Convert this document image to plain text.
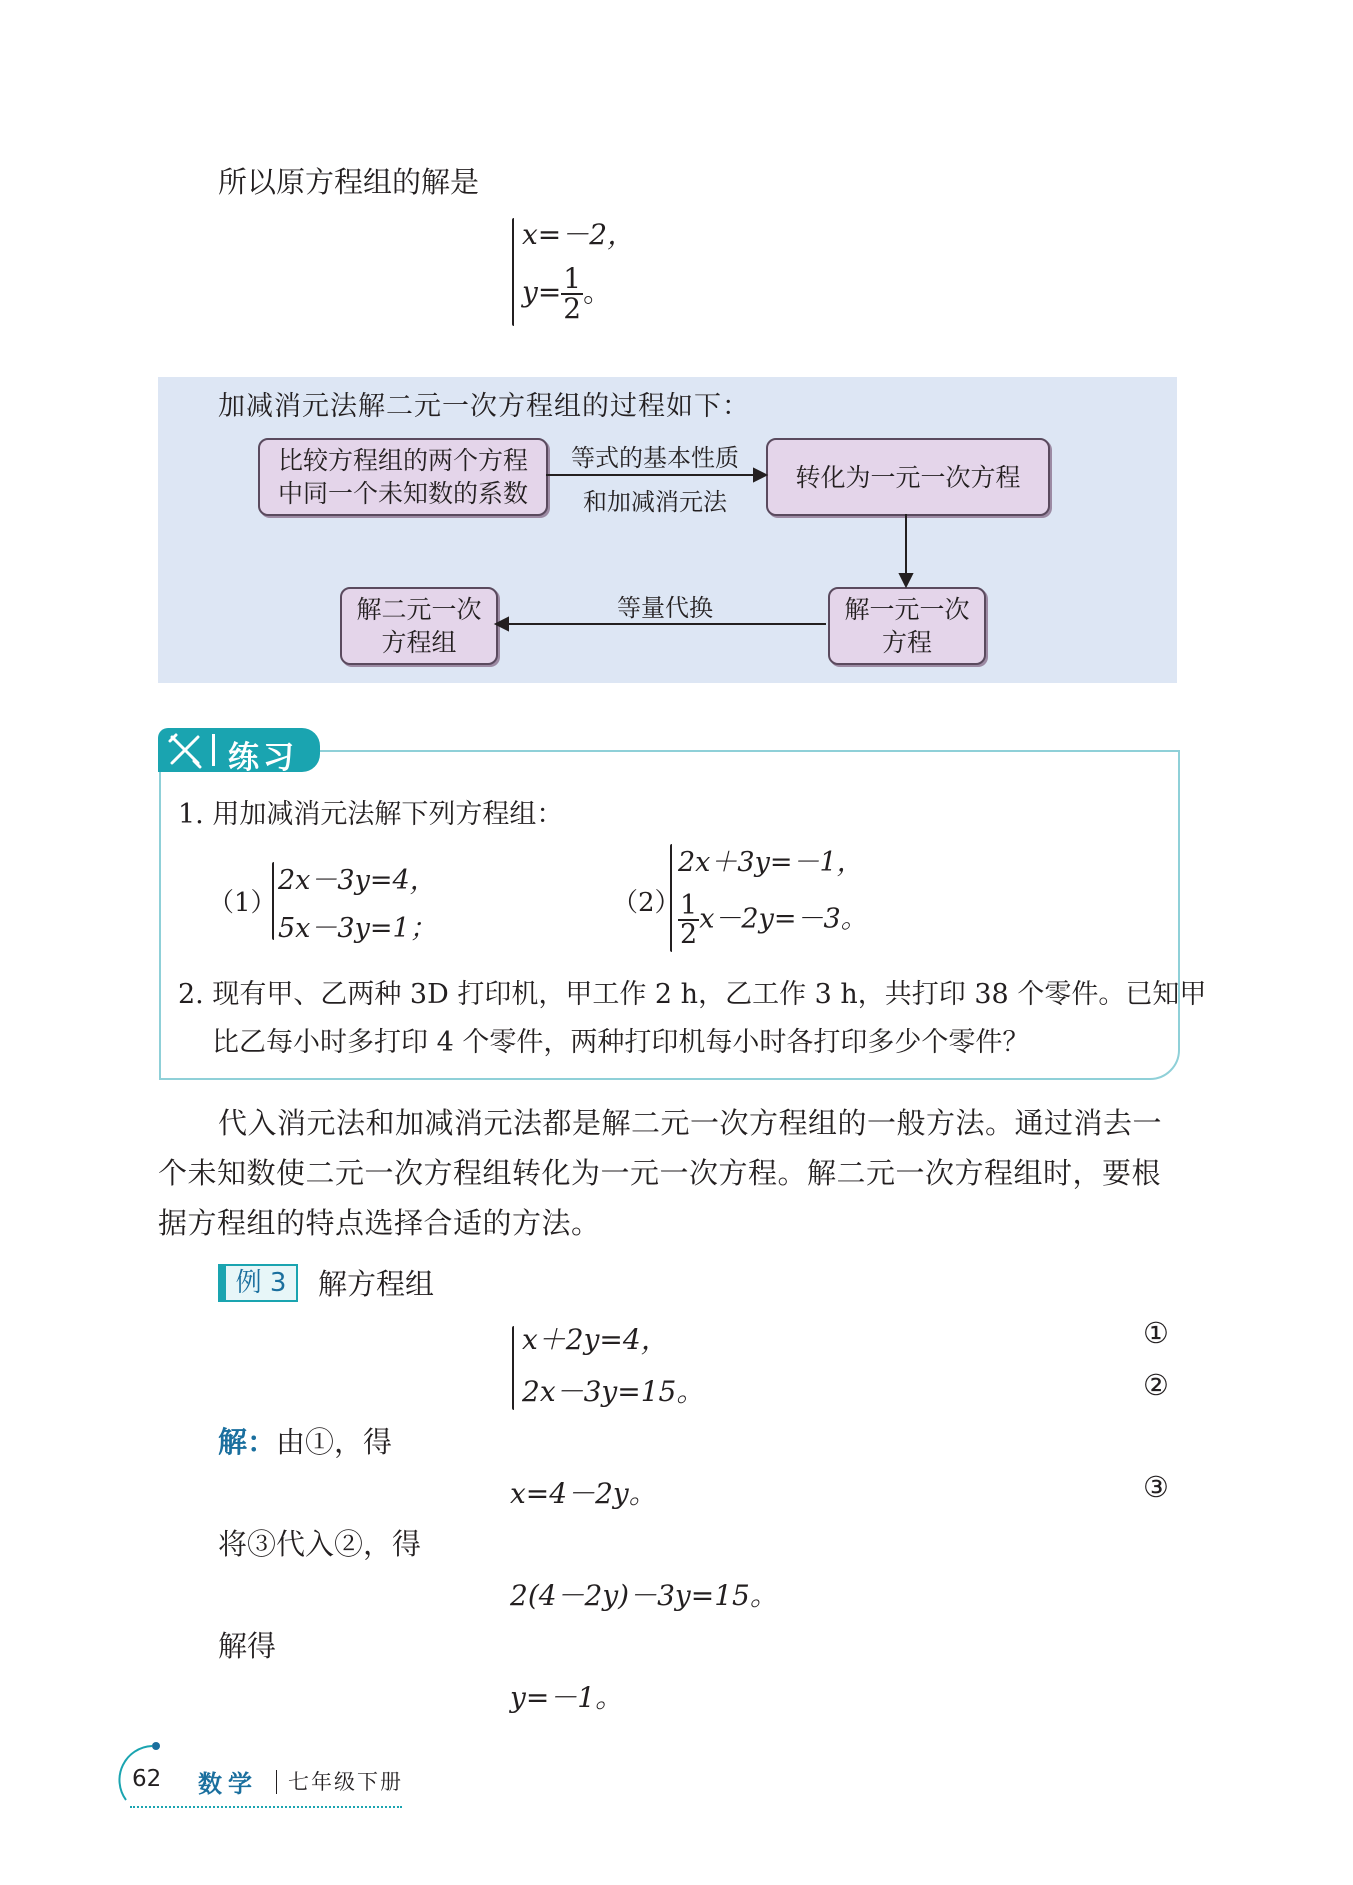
所以原方程组的解是
x=－2，
$y= \frac{1}{2}$ 。
加减消元法解二元一次方程组的过程如下：
比较方程组的两个方程
中同一个未知数的系数
等式的基本性质
和加减消元法
转化为一元一次方程
解一元一次
方程
等量代换
解二元一次
方程组
练习
1. 用加减消元法解下列方程组：
（1）
2x－3y=4，
5x－3y=1；
（2）
2x＋3y=－1，
$\frac{1}{2} x-2y=-3$。
2. 现有甲、乙两种 3D 打印机，甲工作 2 h，乙工作 3 h，共打印 38 个零件。已知甲
比乙每小时多打印 4 个零件，两种打印机每小时各打印多少个零件？
代入消元法和加减消元法都是解二元一次方程组的一般方法。通过消去一
个未知数使二元一次方程组转化为一元一次方程。解二元一次方程组时，要根
据方程组的特点选择合适的方法。
例 3	解方程组
x＋2y=4，	①
2x－3y=15。	②
解：由①，得
x=4－2y。	③
将③代入②，得
2(4－2y)－3y=15。
解得
y=－1。
62 数学 七年级下册
